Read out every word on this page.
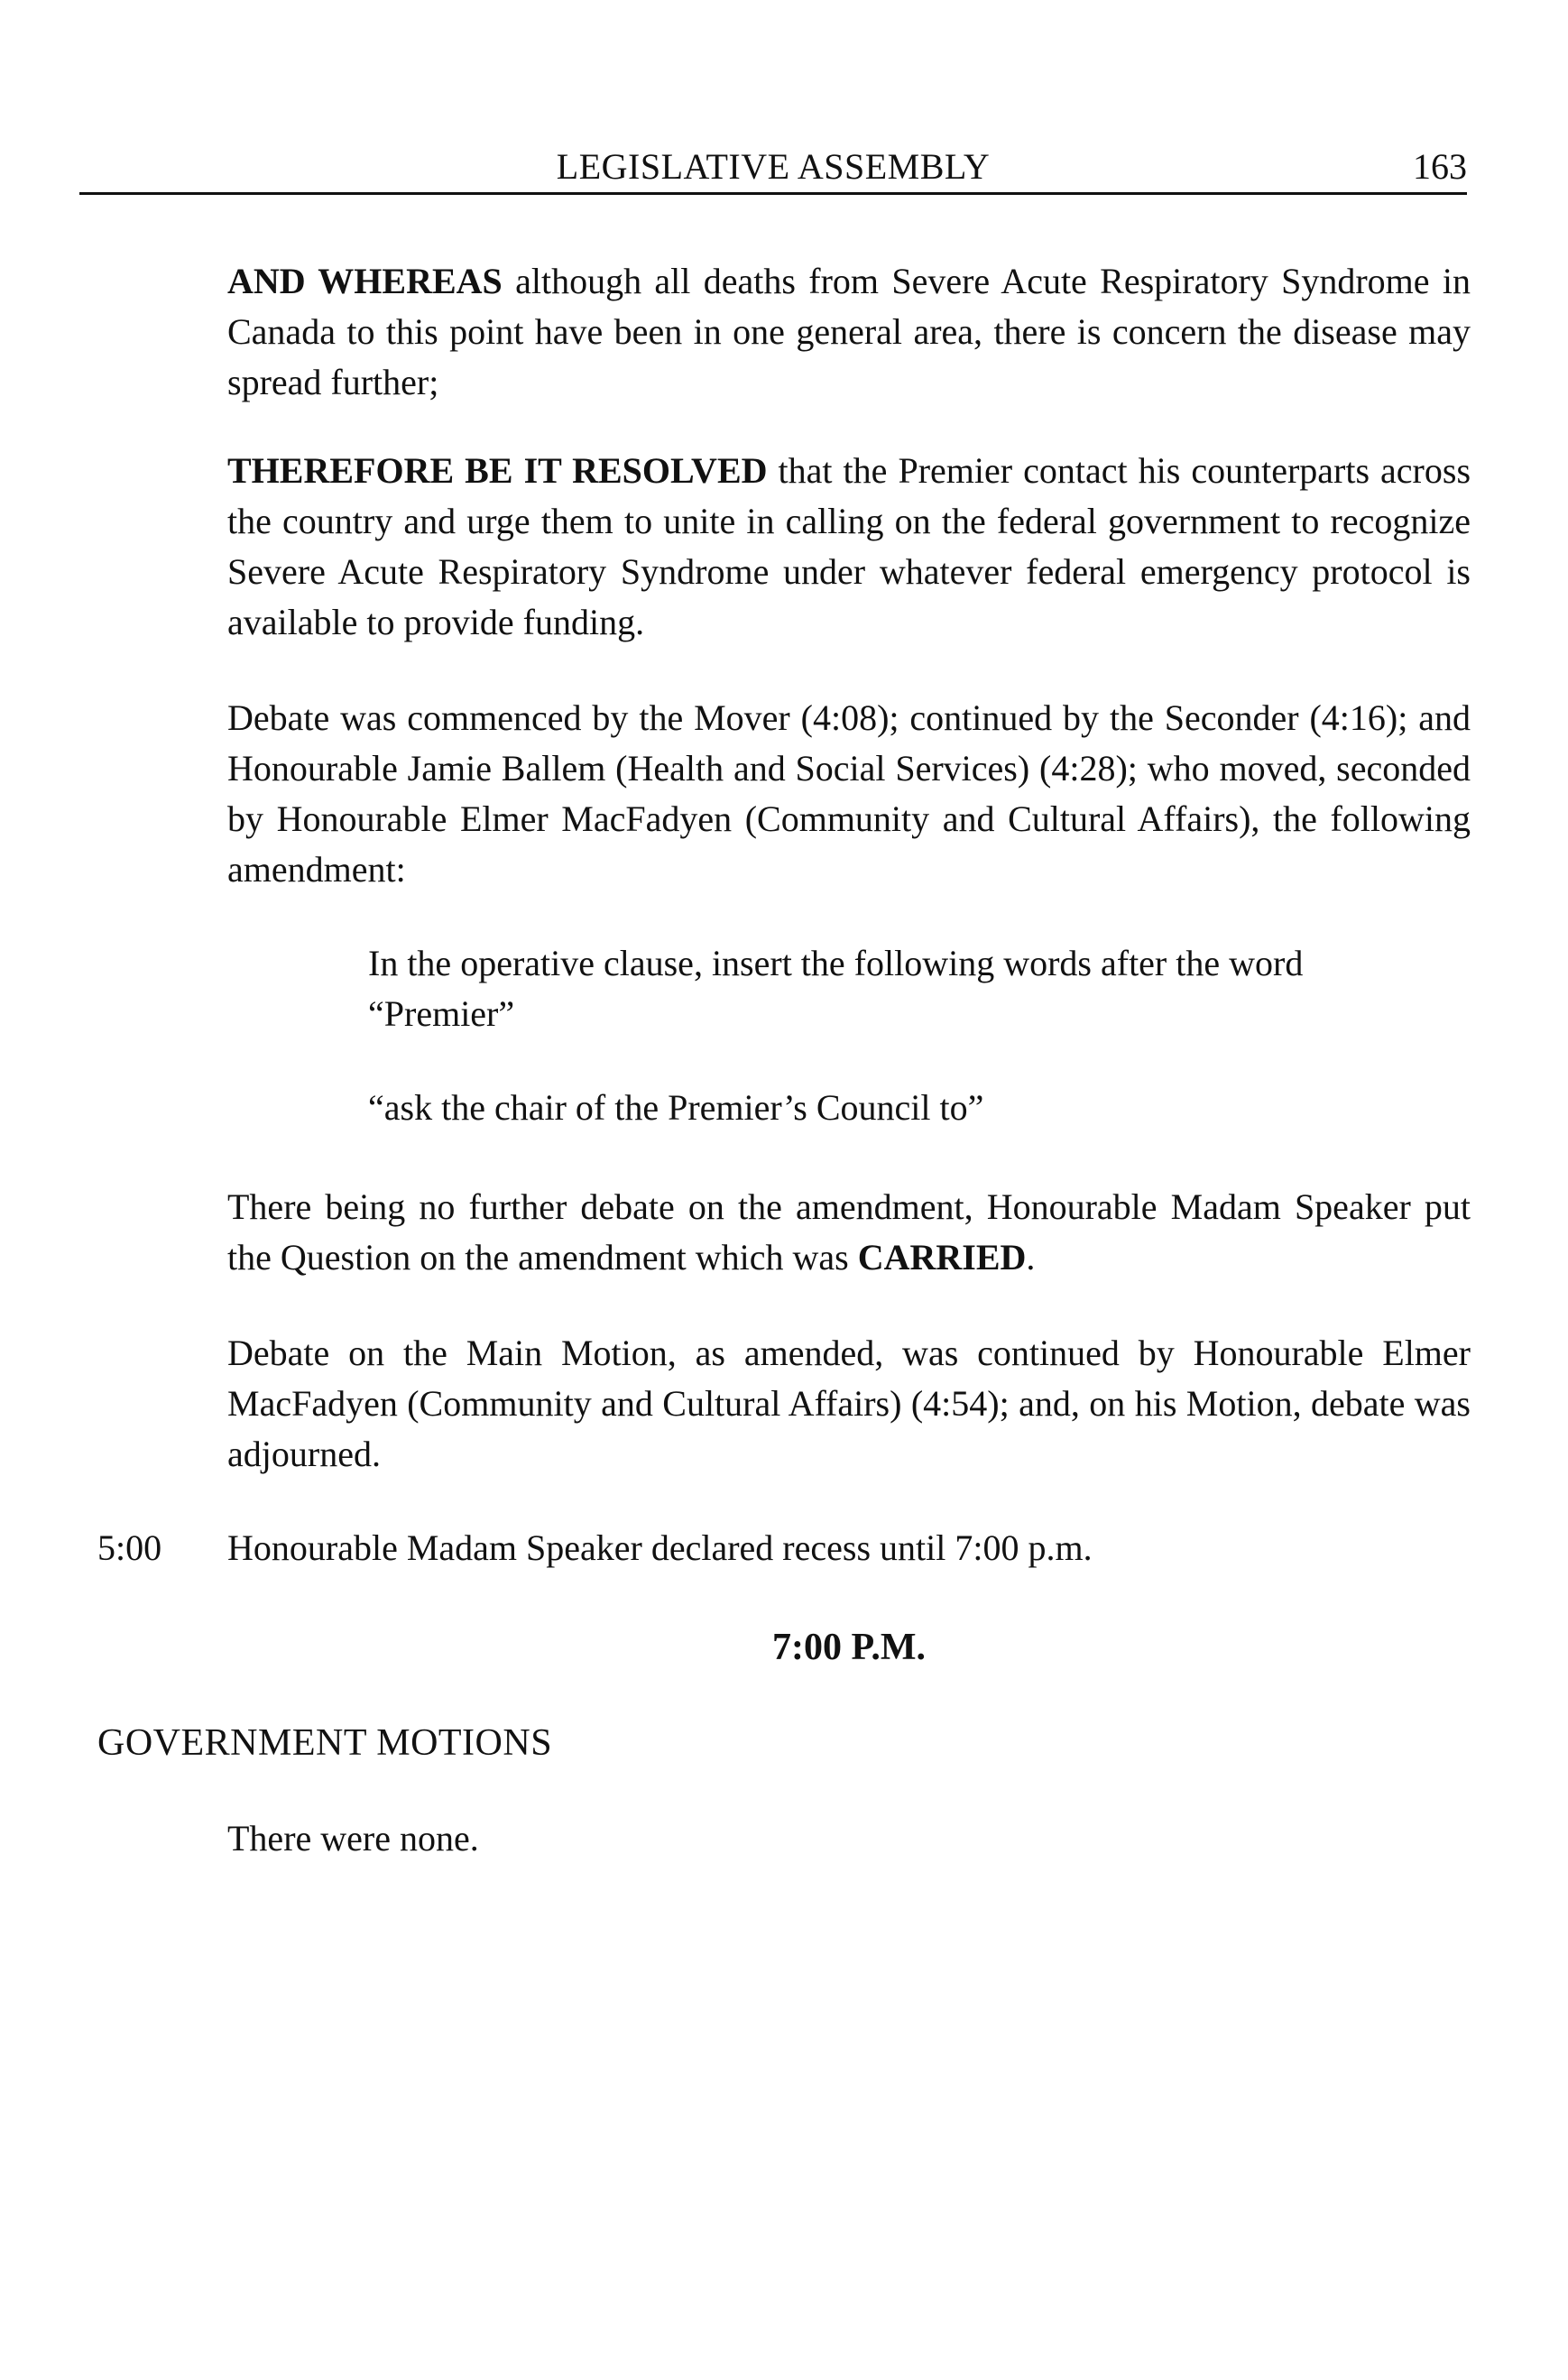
LEGISLATIVE ASSEMBLY	163

AND WHEREAS although all deaths from Severe Acute Respiratory Syndrome in Canada to this point have been in one general area, there is concern the disease may spread further;

THEREFORE BE IT RESOLVED that the Premier contact his counterparts across the country and urge them to unite in calling on the federal government to recognize Severe Acute Respiratory Syndrome under whatever federal emergency protocol is available to provide funding.

Debate was commenced by the Mover (4:08); continued by the Seconder (4:16); and Honourable Jamie Ballem (Health and Social Services) (4:28); who moved, seconded by Honourable Elmer MacFadyen (Community and Cultural Affairs), the following amendment:

In the operative clause, insert the following words after the word “Premier”

“ask the chair of the Premier’s Council to”

There being no further debate on the amendment, Honourable Madam Speaker put the Question on the amendment which was CARRIED.

Debate on the Main Motion, as amended, was continued by Honourable Elmer MacFadyen (Community and Cultural Affairs) (4:54); and, on his Motion, debate was adjourned.

5:00 Honourable Madam Speaker declared recess until 7:00 p.m.

7:00 P.M.
GOVERNMENT MOTIONS

There were none.
